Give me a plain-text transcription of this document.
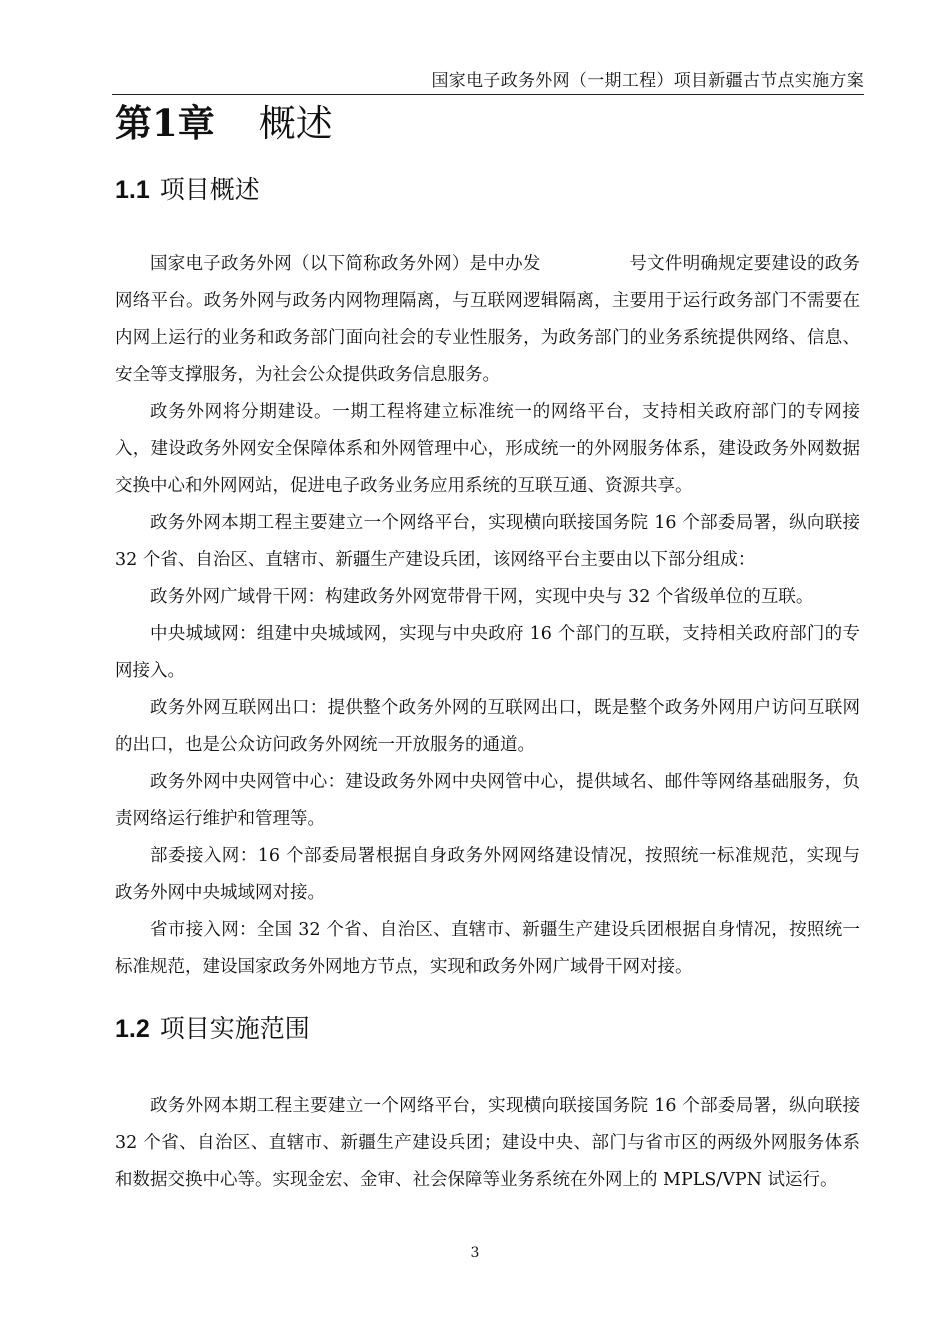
国家电子政务外网（一期工程）项目新疆古节点实施方案
第1章 概述
1.1 项目概述

国家电子政务外网（以下简称政务外网）是中办发　　　　　号文件明确规定要建设的政务网络平台。政务外网与政务内网物理隔离，与互联网逻辑隔离，主要用于运行政务部门不需要在内网上运行的业务和政务部门面向社会的专业性服务，为政务部门的业务系统提供网络、信息、安全等支撑服务，为社会公众提供政务信息服务。

政务外网将分期建设。一期工程将建立标准统一的网络平台，支持相关政府部门的专网接入，建设政务外网安全保障体系和外网管理中心，形成统一的外网服务体系，建设政务外网数据交换中心和外网网站，促进电子政务业务应用系统的互联互通、资源共享。

政务外网本期工程主要建立一个网络平台，实现横向联接国务院 16 个部委局署，纵向联接 32 个省、自治区、直辖市、新疆生产建设兵团，该网络平台主要由以下部分组成：

政务外网广域骨干网：构建政务外网宽带骨干网，实现中央与 32 个省级单位的互联。

中央城域网：组建中央城域网，实现与中央政府 16 个部门的互联，支持相关政府部门的专网接入。

政务外网互联网出口：提供整个政务外网的互联网出口，既是整个政务外网用户访问互联网的出口，也是公众访问政务外网统一开放服务的通道。

政务外网中央网管中心：建设政务外网中央网管中心，提供域名、邮件等网络基础服务，负责网络运行维护和管理等。

部委接入网：16 个部委局署根据自身政务外网网络建设情况，按照统一标准规范，实现与政务外网中央城域网对接。

省市接入网：全国 32 个省、自治区、直辖市、新疆生产建设兵团根据自身情况，按照统一标准规范，建设国家政务外网地方节点，实现和政务外网广域骨干网对接。

1.2 项目实施范围

政务外网本期工程主要建立一个网络平台，实现横向联接国务院 16 个部委局署，纵向联接 32 个省、自治区、直辖市、新疆生产建设兵团；建设中央、部门与省市区的两级外网服务体系和数据交换中心等。实现金宏、金审、社会保障等业务系统在外网上的 MPLS/VPN 试运行。

3
